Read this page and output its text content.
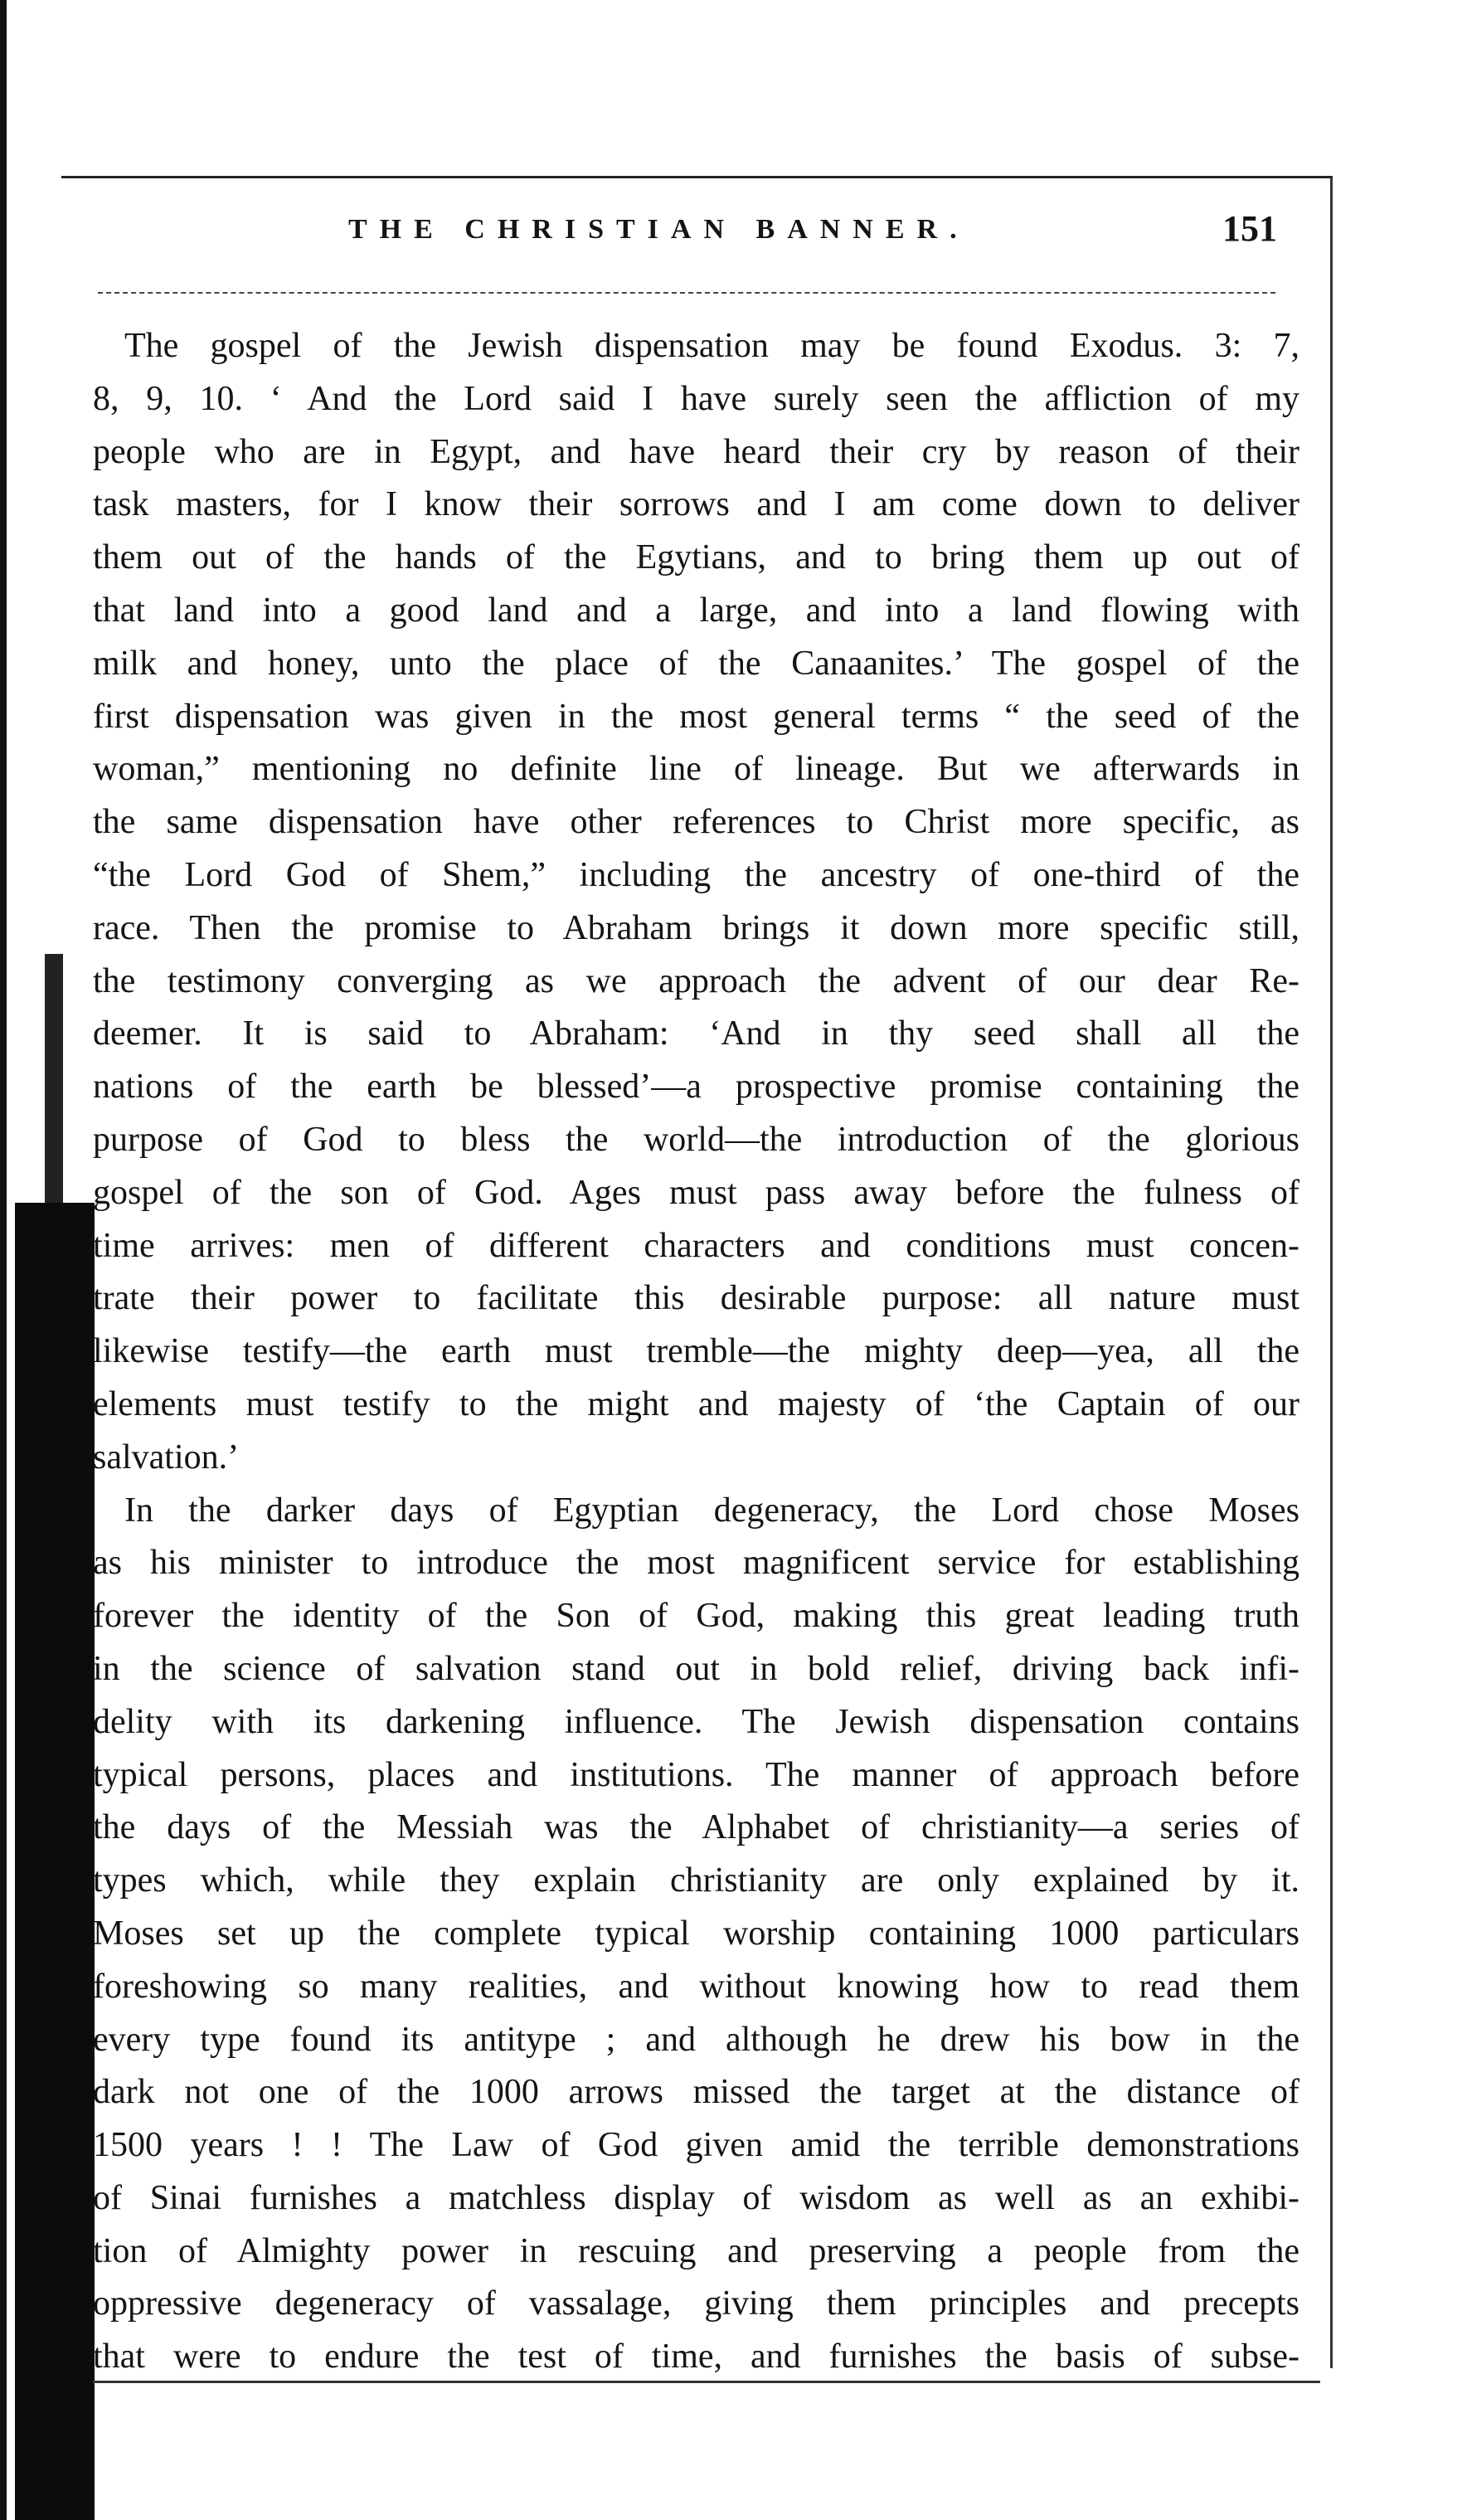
THE CHRISTIAN BANNER.	151
The gospel of the Jewish dispensation may be found Exodus. 3: 7,
8, 9, 10. ‘ And the Lord said I have surely seen the affliction of my
people who are in Egypt, and have heard their cry by reason of their
task masters, for I know their sorrows and I am come down to deliver
them out of the hands of the Egytians, and to bring them up out of
that land into a good land and a large, and into a land flowing with
milk and honey, unto the place of the Canaanites.’ The gospel of the
first dispensation was given in the most general terms “ the seed of the
woman,” mentioning no definite line of lineage. But we afterwards in
the same dispensation have other references to Christ more specific, as
“the Lord God of Shem,” including the ancestry of one-third of the
race. Then the promise to Abraham brings it down more specific still,
the testimony converging as we approach the advent of our dear Re-
deemer. It is said to Abraham: ‘And in thy seed shall all the
nations of the earth be blessed’—a prospective promise containing the
purpose of God to bless the world—the introduction of the glorious
gospel of the son of God. Ages must pass away before the fulness of
time arrives: men of different characters and conditions must concen-
trate their power to facilitate this desirable purpose: all nature must
likewise testify—the earth must tremble—the mighty deep—yea, all the
elements must testify to the might and majesty of ‘the Captain of our
salvation.’
In the darker days of Egyptian degeneracy, the Lord chose Moses
as his minister to introduce the most magnificent service for establishing
forever the identity of the Son of God, making this great leading truth
in the science of salvation stand out in bold relief, driving back infi-
delity with its darkening influence. The Jewish dispensation contains
typical persons, places and institutions. The manner of approach before
the days of the Messiah was the Alphabet of christianity—a series of
types which, while they explain christianity are only explained by it.
Moses set up the complete typical worship containing 1000 particulars
foreshowing so many realities, and without knowing how to read them
every type found its antitype ; and although he drew his bow in the
dark not one of the 1000 arrows missed the target at the distance of
1500 years ! ! The Law of God given amid the terrible demonstrations
of Sinai furnishes a matchless display of wisdom as well as an exhibi-
tion of Almighty power in rescuing and preserving a people from the
oppressive degeneracy of vassalage, giving them principles and precepts
that were to endure the test of time, and furnishes the basis of subse-
